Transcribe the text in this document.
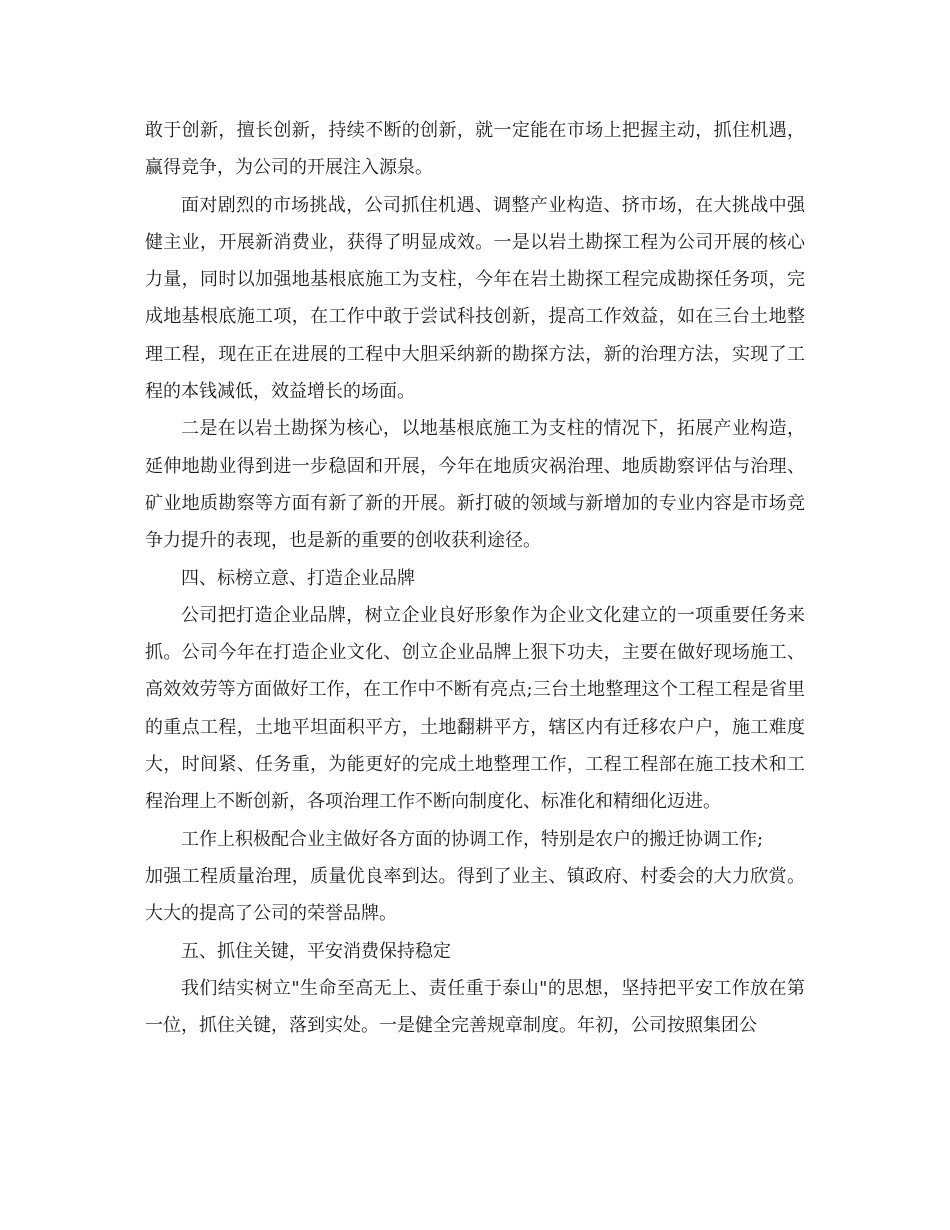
敢于创新，擅长创新，持续不断的创新，就一定能在市场上把握主动，抓住机遇，赢得竞争，为公司的开展注入源泉。

面对剧烈的市场挑战，公司抓住机遇、调整产业构造、挤市场，在大挑战中强健主业，开展新消费业，获得了明显成效。一是以岩土勘探工程为公司开展的核心力量，同时以加强地基根底施工为支柱，今年在岩土勘探工程完成勘探任务项，完成地基根底施工项，在工作中敢于尝试科技创新，提高工作效益，如在三台土地整理工程，现在正在进展的工程中大胆采纳新的勘探方法，新的治理方法，实现了工程的本钱减低，效益增长的场面。

二是在以岩土勘探为核心，以地基根底施工为支柱的情况下，拓展产业构造，延伸地勘业得到进一步稳固和开展，今年在地质灾祸治理、地质勘察评估与治理、矿业地质勘察等方面有新了新的开展。新打破的领域与新增加的专业内容是市场竞争力提升的表现，也是新的重要的创收获利途径。

四、标榜立意、打造企业品牌

公司把打造企业品牌，树立企业良好形象作为企业文化建立的一项重要任务来抓。公司今年在打造企业文化、创立企业品牌上狠下功夫，主要在做好现场施工、高效效劳等方面做好工作，在工作中不断有亮点;三台土地整理这个工程工程是省里的重点工程，土地平坦面积平方，土地翻耕平方，辖区内有迁移农户户，施工难度大，时间紧、任务重，为能更好的完成土地整理工作，工程工程部在施工技术和工程治理上不断创新，各项治理工作不断向制度化、标准化和精细化迈进。

工作上积极配合业主做好各方面的协调工作，特别是农户的搬迁协调工作;

加强工程质量治理，质量优良率到达。得到了业主、镇政府、村委会的大力欣赏。大大的提高了公司的荣誉品牌。

五、抓住关键，平安消费保持稳定

我们结实树立"生命至高无上、责任重于泰山"的思想，坚持把平安工作放在第一位，抓住关键，落到实处。一是健全完善规章制度。年初，公司按照集团公
